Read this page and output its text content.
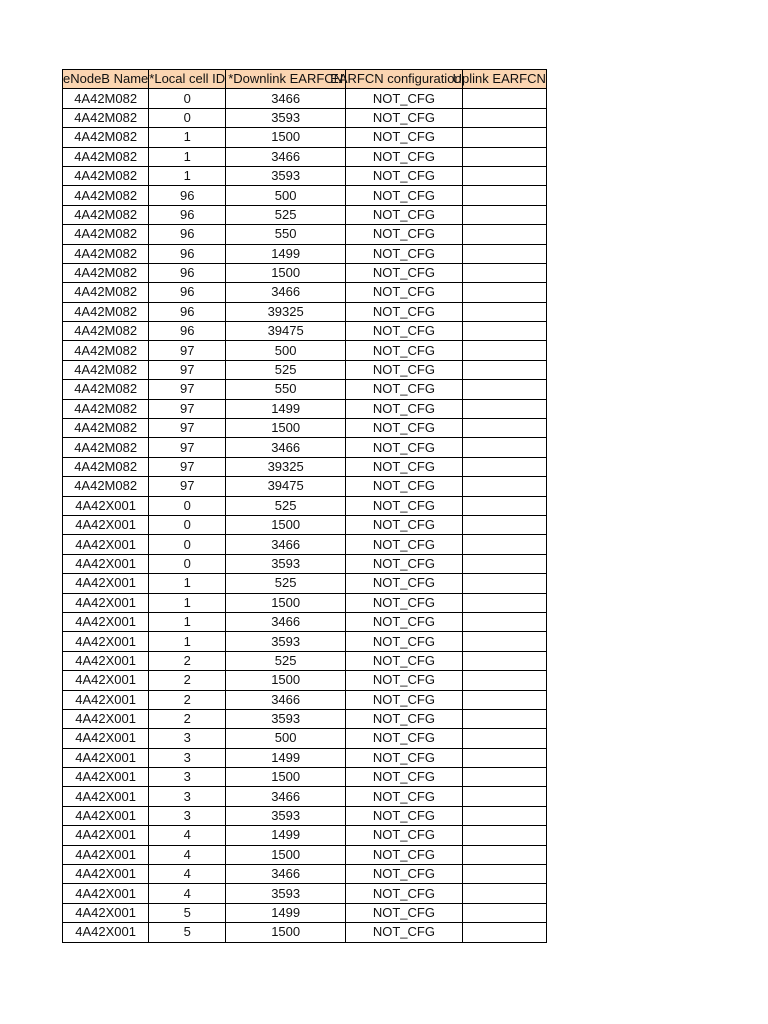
eNodeB Name	*Local cell ID	*Downlink EARFCN	EARFCN configuration	Uplink EARFCN
4A42M082	0	3466	NOT_CFG	
4A42M082	0	3593	NOT_CFG	
4A42M082	1	1500	NOT_CFG	
4A42M082	1	3466	NOT_CFG	
4A42M082	1	3593	NOT_CFG	
4A42M082	96	500	NOT_CFG	
4A42M082	96	525	NOT_CFG	
4A42M082	96	550	NOT_CFG	
4A42M082	96	1499	NOT_CFG	
4A42M082	96	1500	NOT_CFG	
4A42M082	96	3466	NOT_CFG	
4A42M082	96	39325	NOT_CFG	
4A42M082	96	39475	NOT_CFG	
4A42M082	97	500	NOT_CFG	
4A42M082	97	525	NOT_CFG	
4A42M082	97	550	NOT_CFG	
4A42M082	97	1499	NOT_CFG	
4A42M082	97	1500	NOT_CFG	
4A42M082	97	3466	NOT_CFG	
4A42M082	97	39325	NOT_CFG	
4A42M082	97	39475	NOT_CFG	
4A42X001	0	525	NOT_CFG	
4A42X001	0	1500	NOT_CFG	
4A42X001	0	3466	NOT_CFG	
4A42X001	0	3593	NOT_CFG	
4A42X001	1	525	NOT_CFG	
4A42X001	1	1500	NOT_CFG	
4A42X001	1	3466	NOT_CFG	
4A42X001	1	3593	NOT_CFG	
4A42X001	2	525	NOT_CFG	
4A42X001	2	1500	NOT_CFG	
4A42X001	2	3466	NOT_CFG	
4A42X001	2	3593	NOT_CFG	
4A42X001	3	500	NOT_CFG	
4A42X001	3	1499	NOT_CFG	
4A42X001	3	1500	NOT_CFG	
4A42X001	3	3466	NOT_CFG	
4A42X001	3	3593	NOT_CFG	
4A42X001	4	1499	NOT_CFG	
4A42X001	4	1500	NOT_CFG	
4A42X001	4	3466	NOT_CFG	
4A42X001	4	3593	NOT_CFG	
4A42X001	5	1499	NOT_CFG	
4A42X001	5	1500	NOT_CFG	
